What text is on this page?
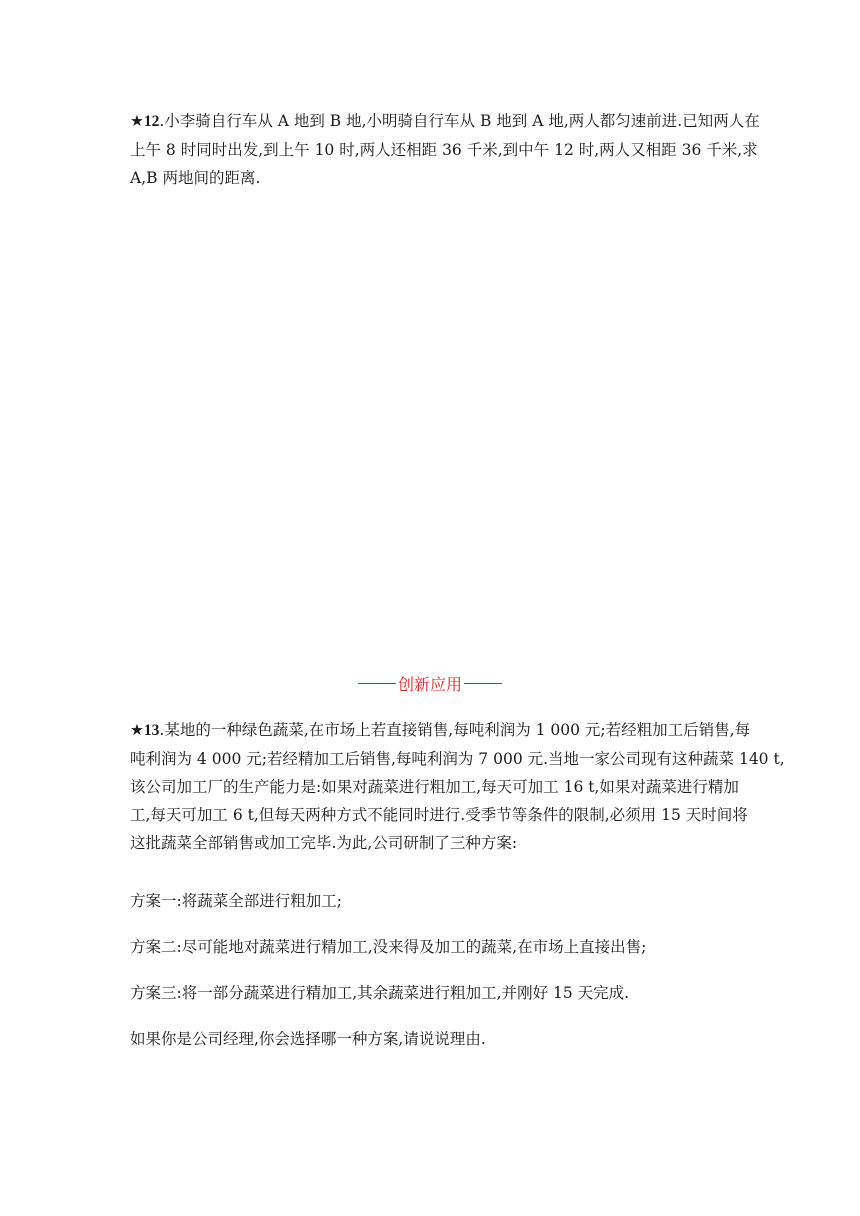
★12.小李骑自行车从 A 地到 B 地,小明骑自行车从 B 地到 A 地,两人都匀速前进.已知两人在
上午 8 时同时出发,到上午 10 时,两人还相距 36 千米,到中午 12 时,两人又相距 36 千米,求
A,B 两地间的距离.
创新应用
★13.某地的一种绿色蔬菜,在市场上若直接销售,每吨利润为 1 000 元;若经粗加工后销售,每
吨利润为 4 000 元;若经精加工后销售,每吨利润为 7 000 元.当地一家公司现有这种蔬菜 140 t,
该公司加工厂的生产能力是:如果对蔬菜进行粗加工,每天可加工 16 t,如果对蔬菜进行精加
工,每天可加工 6 t,但每天两种方式不能同时进行.受季节等条件的限制,必须用 15 天时间将
这批蔬菜全部销售或加工完毕.为此,公司研制了三种方案:
方案一:将蔬菜全部进行粗加工;
方案二:尽可能地对蔬菜进行精加工,没来得及加工的蔬菜,在市场上直接出售;
方案三:将一部分蔬菜进行精加工,其余蔬菜进行粗加工,并刚好 15 天完成.
如果你是公司经理,你会选择哪一种方案,请说说理由.
